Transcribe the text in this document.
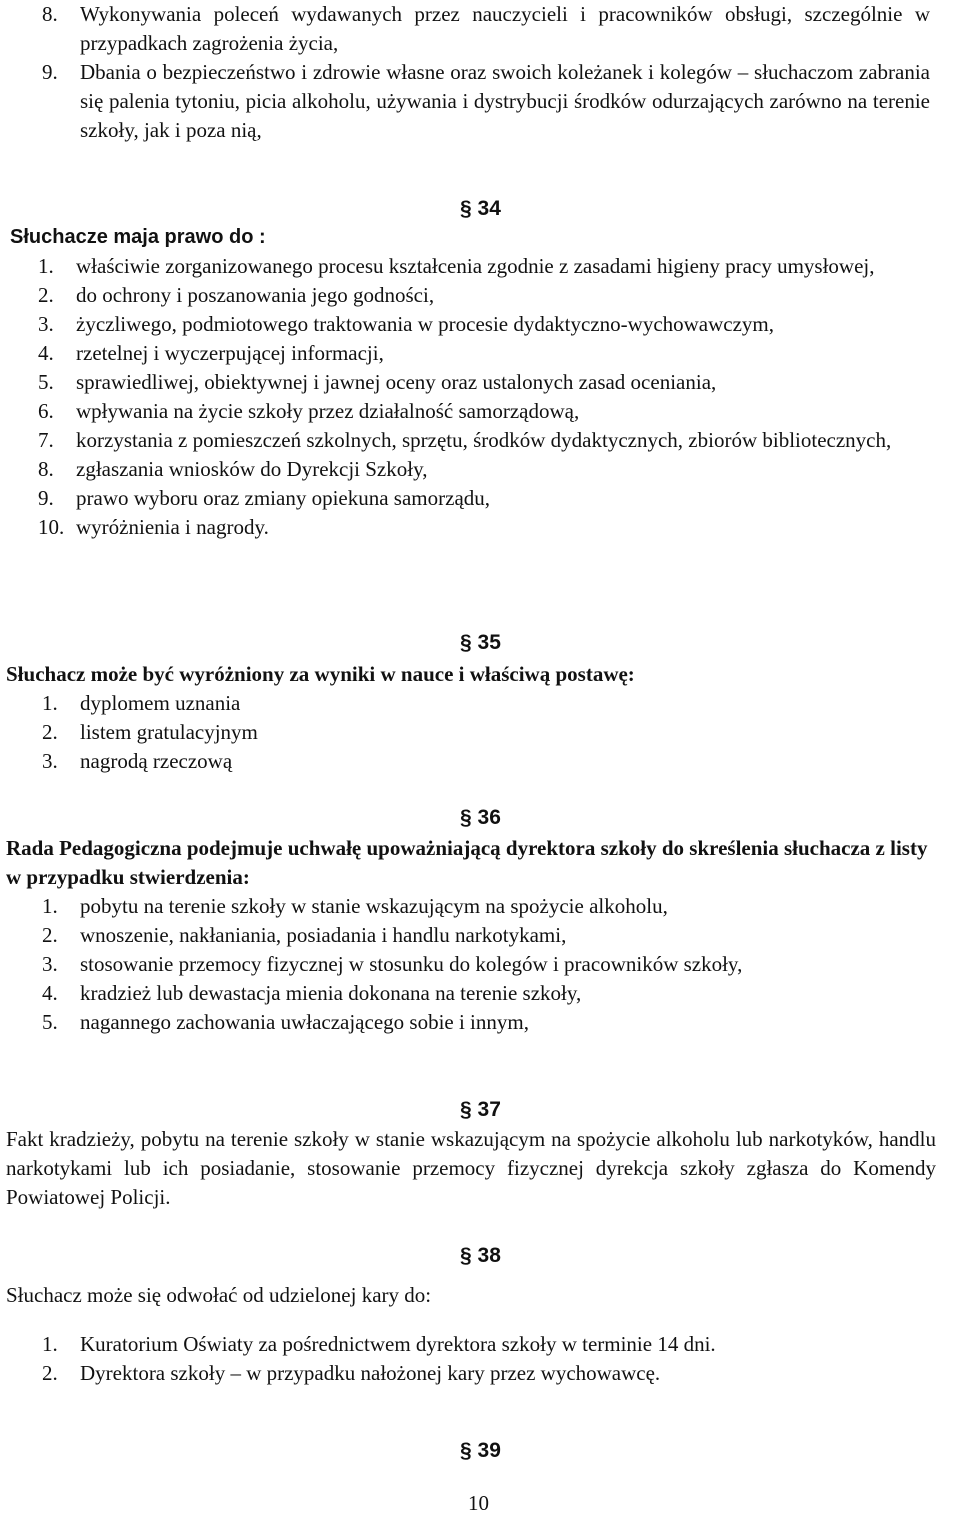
8.	Wykonywania poleceń wydawanych przez nauczycieli i pracowników obsługi, szczególnie w przypadkach zagrożenia życia,
9.	Dbania o bezpieczeństwo i zdrowie własne oraz swoich koleżanek i kolegów – słuchaczom zabrania się palenia tytoniu, picia alkoholu, używania i dystrybucji środków odurzających zarówno na terenie szkoły, jak i poza nią,
§ 34
Słuchacze maja prawo do :
1.	właściwie zorganizowanego procesu kształcenia zgodnie z zasadami higieny pracy umysłowej,
2.	do ochrony i poszanowania jego godności,
3.	życzliwego, podmiotowego traktowania w procesie dydaktyczno-wychowawczym,
4.	rzetelnej i wyczerpującej informacji,
5.	sprawiedliwej, obiektywnej i jawnej oceny oraz ustalonych zasad oceniania,
6.	wpływania na życie szkoły przez działalność samorządową,
7.	korzystania z pomieszczeń szkolnych, sprzętu, środków dydaktycznych, zbiorów bibliotecznych,
8.	zgłaszania wniosków do Dyrekcji Szkoły,
9.	prawo wyboru oraz zmiany opiekuna samorządu,
10. wyróżnienia i nagrody.
§ 35
Słuchacz może być wyróżniony za wyniki w nauce i właściwą postawę:
1.	dyplomem uznania
2.	listem gratulacyjnym
3.	nagrodą rzeczową
§ 36
Rada Pedagogiczna podejmuje uchwałę upoważniającą dyrektora szkoły do skreślenia słuchacza z listy w przypadku stwierdzenia:
1.	pobytu na terenie szkoły w stanie wskazującym na spożycie alkoholu,
2.	wnoszenie, nakłaniania, posiadania i handlu narkotykami,
3.	stosowanie przemocy fizycznej w stosunku do kolegów i pracowników szkoły,
4.	kradzież lub dewastacja mienia dokonana na terenie szkoły,
5.	nagannego zachowania uwłaczającego sobie i innym,
§ 37
Fakt kradzieży, pobytu na terenie szkoły w stanie wskazującym na spożycie alkoholu lub narkotyków, handlu narkotykami lub ich posiadanie, stosowanie przemocy fizycznej dyrekcja szkoły zgłasza do Komendy Powiatowej Policji.
§ 38
Słuchacz może się odwołać od udzielonej kary do:
1.	Kuratorium Oświaty za pośrednictwem dyrektora szkoły w terminie 14 dni.
2.	Dyrektora szkoły – w przypadku nałożonej kary przez wychowawcę.
§ 39
10
